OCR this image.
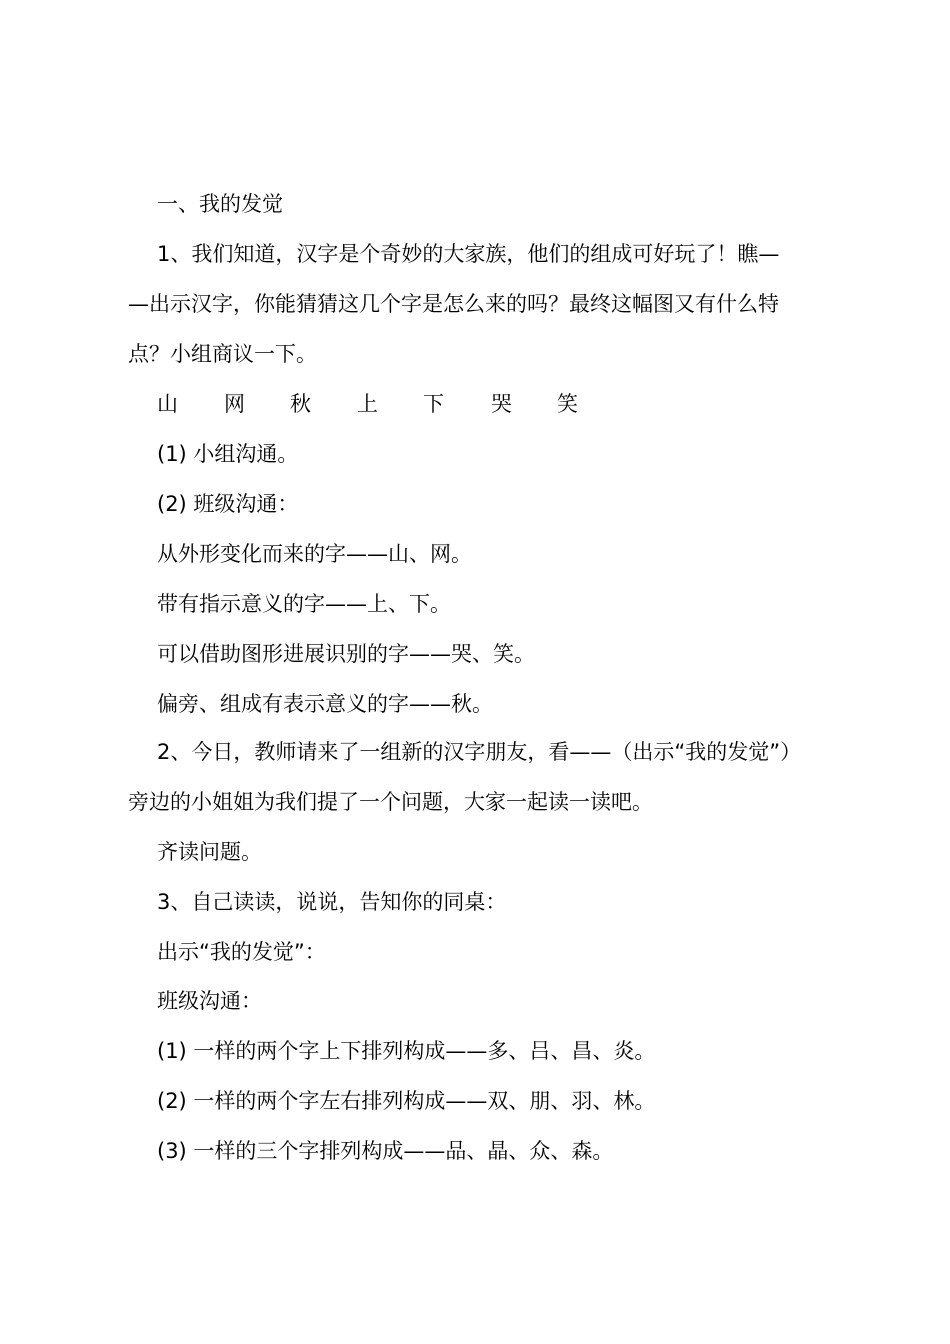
一、我的发觉
1、我们知道，汉字是个奇妙的大家族，他们的组成可好玩了！瞧—
—出示汉字，你能猜猜这几个字是怎么来的吗？最终这幅图又有什么特
点？小组商议一下。
山 网 秋 上 下 哭 笑
(1) 小组沟通。
(2) 班级沟通：
从外形变化而来的字——山、网。
带有指示意义的字——上、下。
可以借助图形进展识别的字——哭、笑。
偏旁、组成有表示意义的字——秋。
2、今日，教师请来了一组新的汉字朋友，看——（出示“我的发觉”）
旁边的小姐姐为我们提了一个问题，大家一起读一读吧。
齐读问题。
3、自己读读，说说，告知你的同桌：
出示“我的发觉”：
班级沟通：
(1) 一样的两个字上下排列构成——多、吕、昌、炎。
(2) 一样的两个字左右排列构成——双、朋、羽、林。
(3) 一样的三个字排列构成——品、晶、众、森。
